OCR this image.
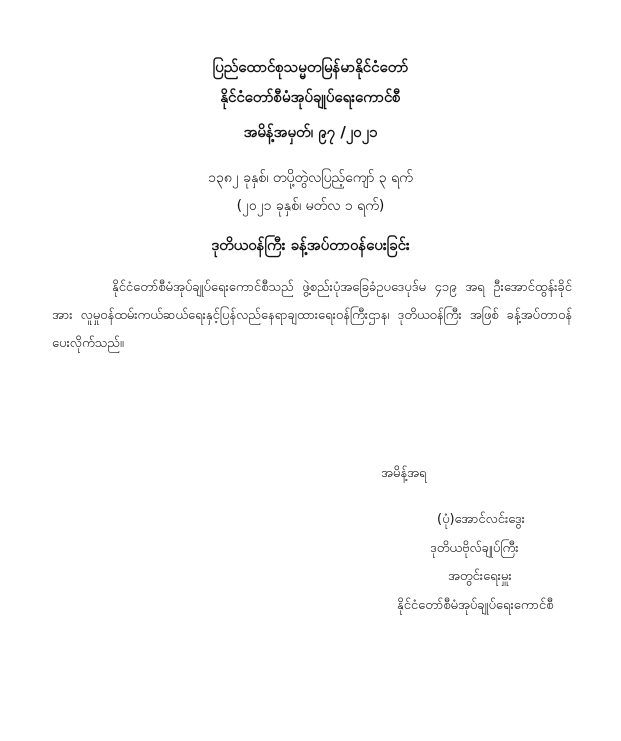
ပြည်ထောင်စုသမ္မတမြန်မာနိုင်ငံတော်
နိုင်ငံတော်စီမံအုပ်ချုပ်ရေးကောင်စီ
အမိန့်အမှတ်၊ ၉၇ /၂၀၂၁
၁၃၈၂ ခုနှစ်၊ တပို့တွဲလပြည့်ကျော် ၃ ရက်
(၂၀၂၁ ခုနှစ်၊ မတ်လ ၁ ရက်)
ဒုတိယဝန်ကြီး ခန့်အပ်တာဝန်ပေးခြင်း
နိုင်ငံတော်စီမံအုပ်ချုပ်ရေးကောင်စီသည် ဖွဲ့စည်းပုံအခြေခံဥပဒေပုဒ်မ ၄၁၉ အရ ဦးအောင်ထွန်းခိုင်အား လူမှုဝန်ထမ်းကယ်ဆယ်ရေးနှင့်ပြန်လည်နေရာချထားရေးဝန်ကြီးဌာန၊ ဒုတိယဝန်ကြီး အဖြစ် ခန့်အပ်တာဝန်ပေးလိုက်သည်။
အမိန့်အရ
(ပုံ)အောင်လင်းဒွေး
ဒုတိယဗိုလ်ချုပ်ကြီး
အတွင်းရေးမှူး
နိုင်ငံတော်စီမံအုပ်ချုပ်ရေးကောင်စီ
